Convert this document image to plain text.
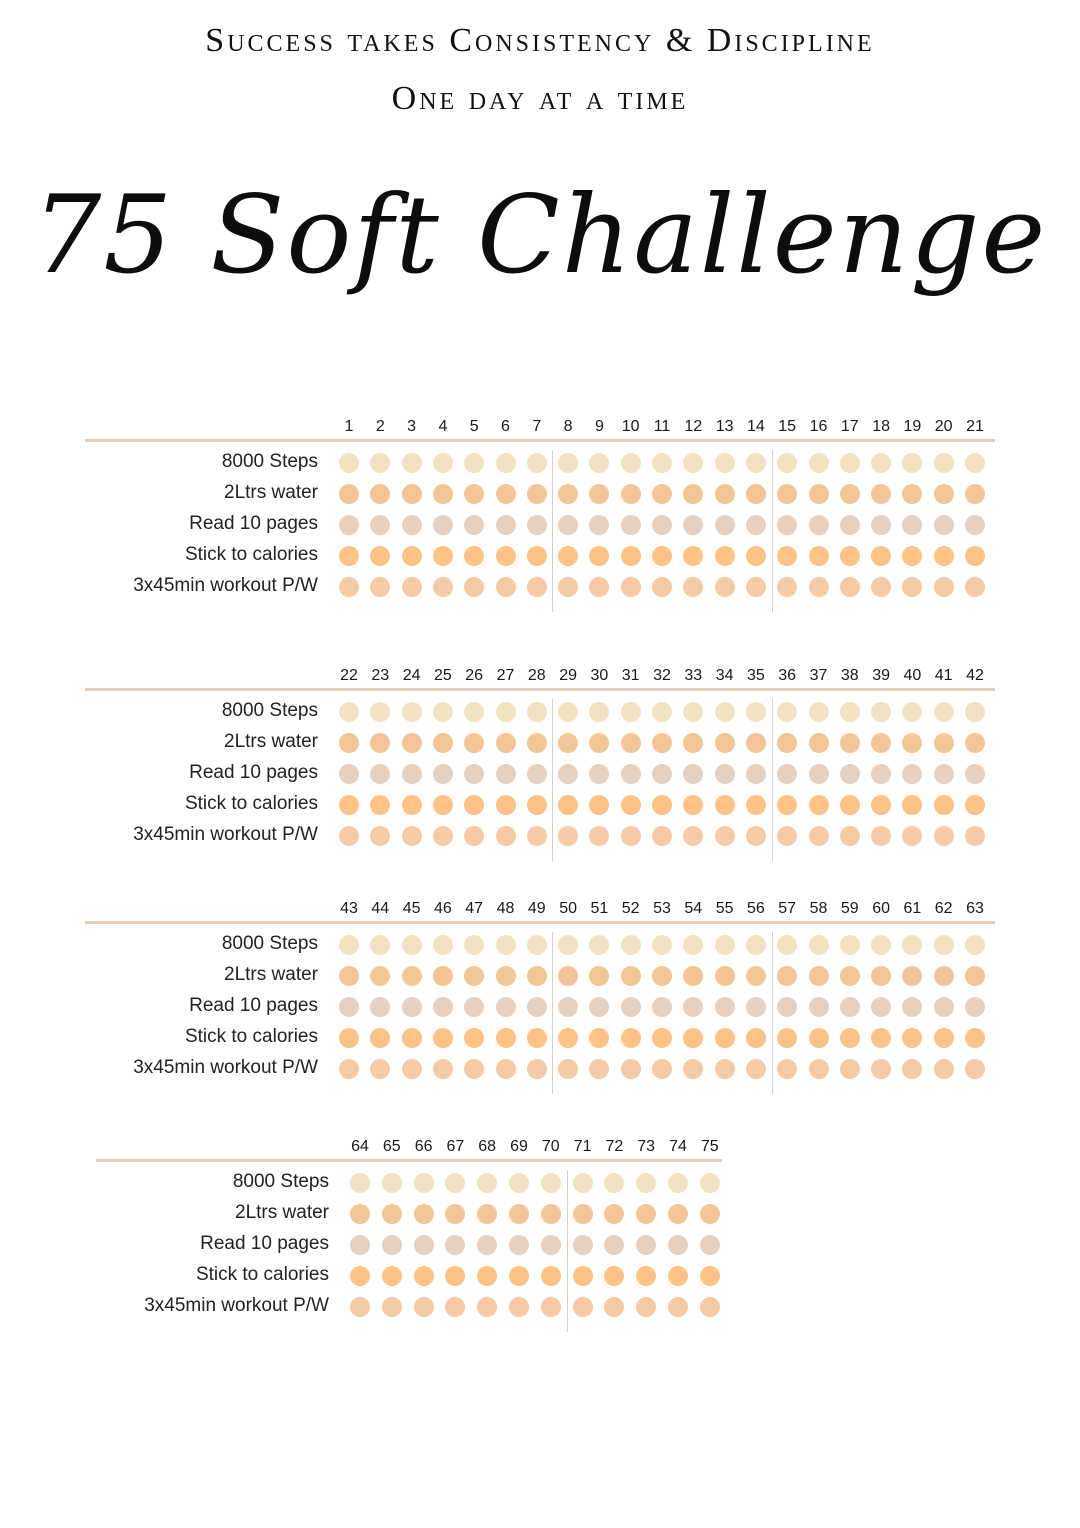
Success takes Consistency & Discipline
One day at a time
75 Soft Challenge
1	2	3	4	5	6	7	8	9	10 11 12 13 14 15 16 17 18 19 20 21
8000 Steps
2Ltrs water
Read 10 pages
Stick to calories
3x45min workout P/W
22 23 24 25 26 27 28 29 30 31 32 33 34 35 36 37 38 39 40 41 42
8000 Steps
2Ltrs water
Read 10 pages
Stick to calories
3x45min workout P/W
43 44 45 46 47 48 49 50 51 52 53 54 55 56 57 58 59 60 61 62 63
8000 Steps
2Ltrs water
Read 10 pages
Stick to calories
3x45min workout P/W
64 65 66 67 68 69 70 71 72 73 74 75
8000 Steps
2Ltrs water
Read 10 pages
Stick to calories
3x45min workout P/W
